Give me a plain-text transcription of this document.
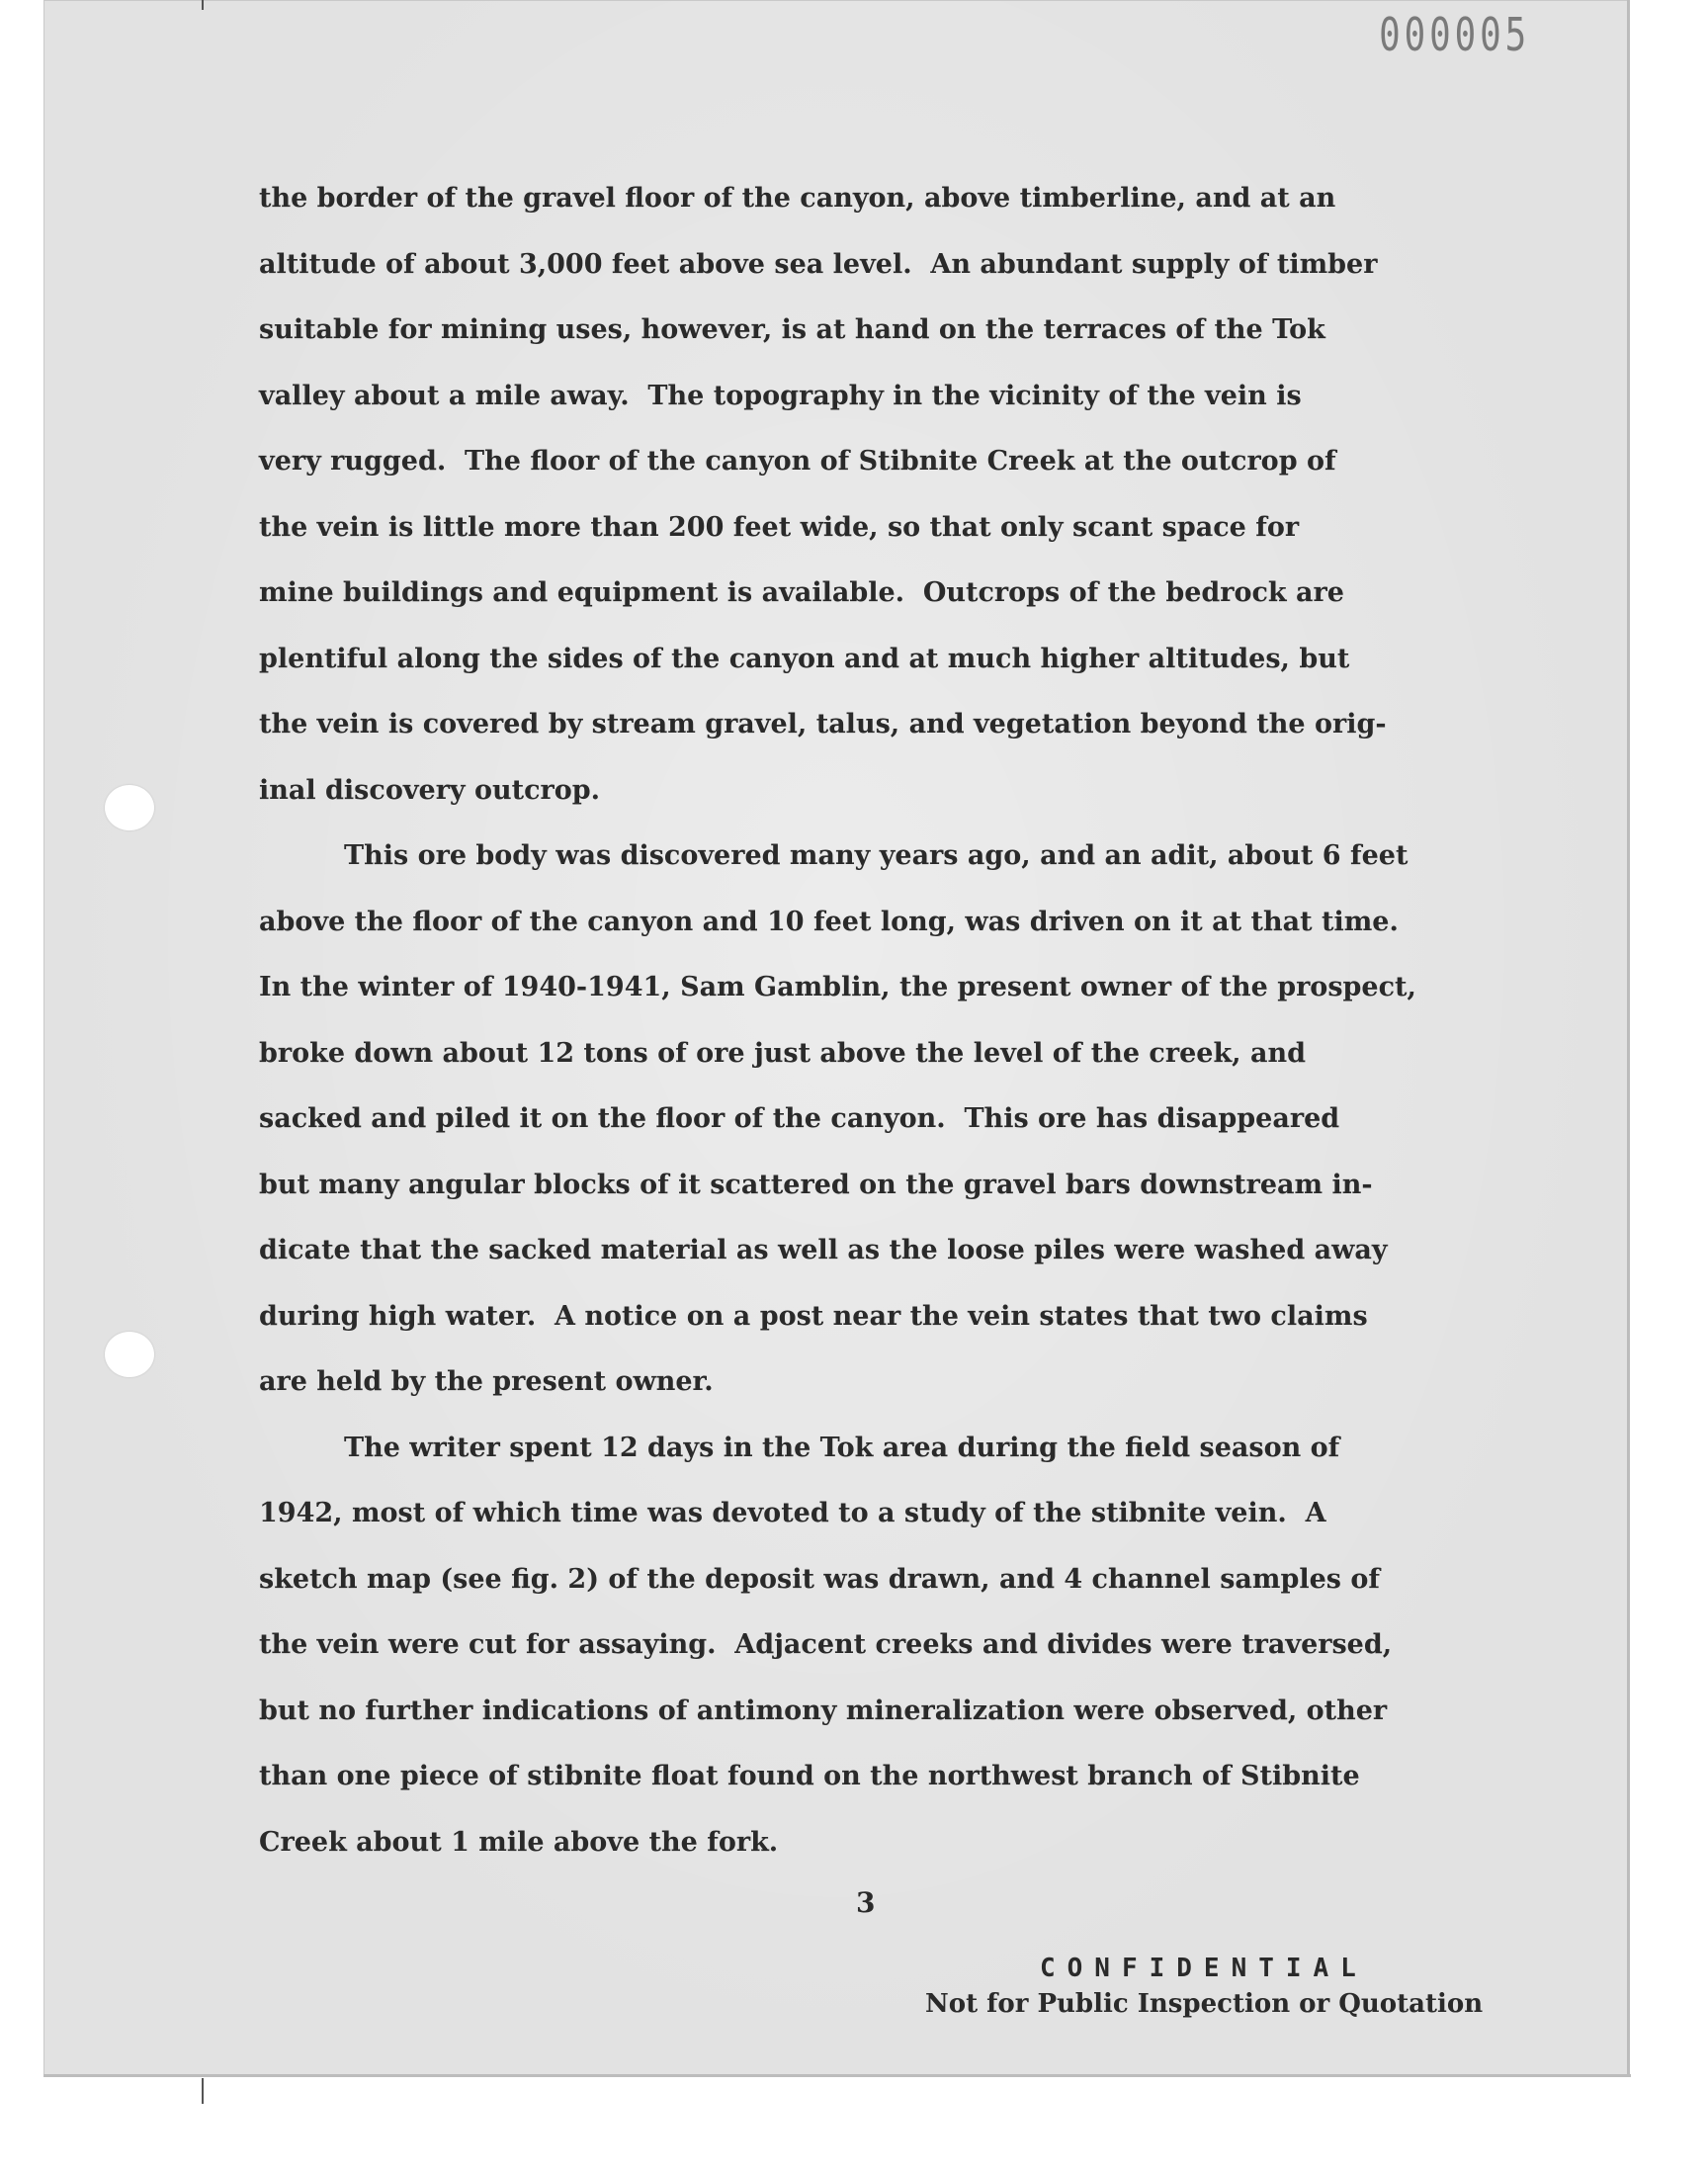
000005
the border of the gravel floor of the canyon, above timberline, and at an
altitude of about 3,000 feet above sea level.  An abundant supply of timber
suitable for mining uses, however, is at hand on the terraces of the Tok
valley about a mile away.  The topography in the vicinity of the vein is
very rugged.  The floor of the canyon of Stibnite Creek at the outcrop of
the vein is little more than 200 feet wide, so that only scant space for
mine buildings and equipment is available.  Outcrops of the bedrock are
plentiful along the sides of the canyon and at much higher altitudes, but
the vein is covered by stream gravel, talus, and vegetation beyond the orig-
inal discovery outcrop.
This ore body was discovered many years ago, and an adit, about 6 feet
above the floor of the canyon and 10 feet long, was driven on it at that time.
In the winter of 1940-1941, Sam Gamblin, the present owner of the prospect,
broke down about 12 tons of ore just above the level of the creek, and
sacked and piled it on the floor of the canyon.  This ore has disappeared
but many angular blocks of it scattered on the gravel bars downstream in-
dicate that the sacked material as well as the loose piles were washed away
during high water.  A notice on a post near the vein states that two claims
are held by the present owner.
The writer spent 12 days in the Tok area during the field season of
1942, most of which time was devoted to a study of the stibnite vein.  A
sketch map (see fig. 2) of the deposit was drawn, and 4 channel samples of
the vein were cut for assaying.  Adjacent creeks and divides were traversed,
but no further indications of antimony mineralization were observed, other
than one piece of stibnite float found on the northwest branch of Stibnite
Creek about 1 mile above the fork.
3
CONFIDENTIAL
Not for Public Inspection or Quotation
